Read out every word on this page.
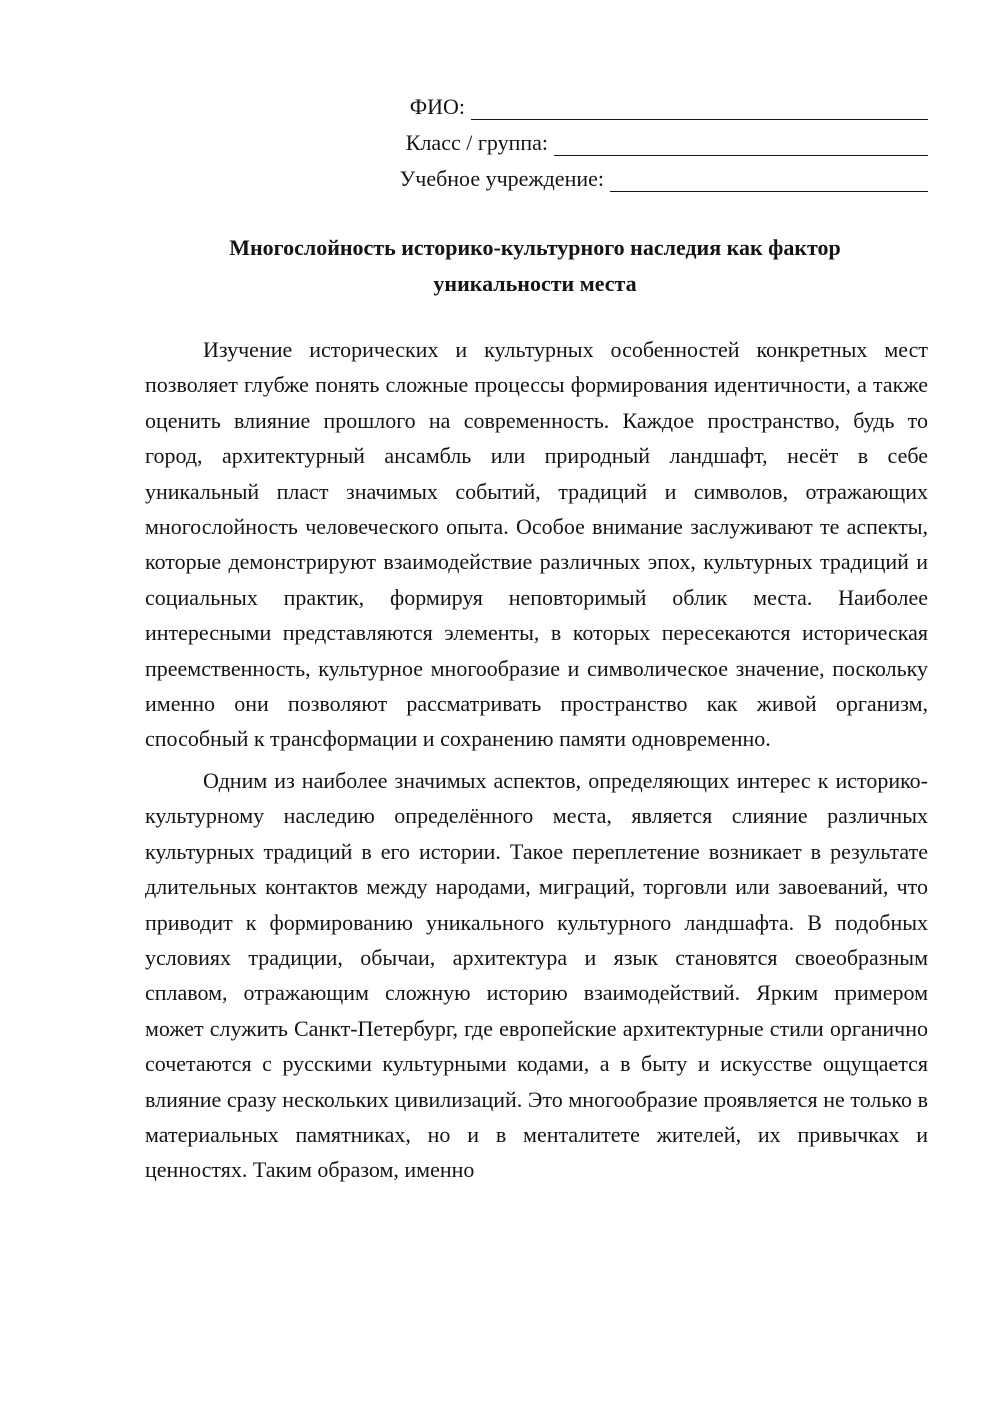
ФИО:
Класс / группа:
Учебное учреждение:
Многослойность историко-культурного наследия как фактор
уникальности места

Изучение исторических и культурных особенностей конкретных мест позволяет глубже понять сложные процессы формирования идентичности, а также оценить влияние прошлого на современность. Каждое пространство, будь то город, архитектурный ансамбль или природный ландшафт, несёт в себе уникальный пласт значимых событий, традиций и символов, отражающих многослойность человеческого опыта. Особое внимание заслуживают те аспекты, которые демонстрируют взаимодействие различных эпох, культурных традиций и социальных практик, формируя неповторимый облик места. Наиболее интересными представляются элементы, в которых пересекаются историческая преемственность, культурное многообразие и символическое значение, поскольку именно они позволяют рассматривать пространство как живой организм, способный к трансформации и сохранению памяти одновременно.

Одним из наиболее значимых аспектов, определяющих интерес к историко-культурному наследию определённого места, является слияние различных культурных традиций в его истории. Такое переплетение возникает в результате длительных контактов между народами, миграций, торговли или завоеваний, что приводит к формированию уникального культурного ландшафта. В подобных условиях традиции, обычаи, архитектура и язык становятся своеобразным сплавом, отражающим сложную историю взаимодействий. Ярким примером может служить Санкт-Петербург, где европейские архитектурные стили органично сочетаются с русскими культурными кодами, а в быту и искусстве ощущается влияние сразу нескольких цивилизаций. Это многообразие проявляется не только в материальных памятниках, но и в менталитете жителей, их привычках и ценностях. Таким образом, именно
